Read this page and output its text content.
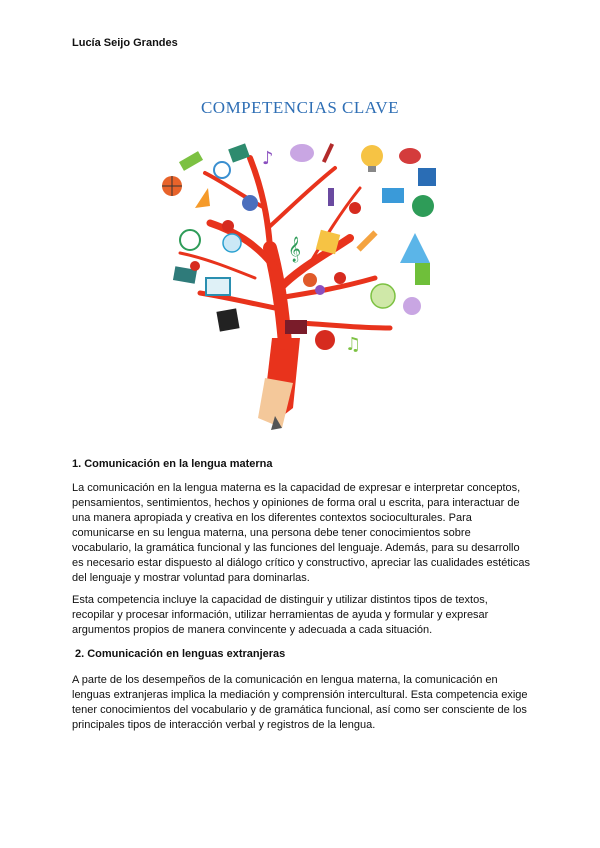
Lucía Seijo Grandes
COMPETENCIAS CLAVE
♪
𝄞
♫
1. Comunicación en la lengua materna

La comunicación en la lengua materna es la capacidad de expresar e interpretar conceptos, pensamientos, sentimientos, hechos y opiniones de forma oral u escrita, para interactuar de una manera apropiada y creativa en los diferentes contextos socioculturales. Para comunicarse en su lengua materna, una persona debe tener conocimientos sobre vocabulario, la gramática funcional y las funciones del lenguaje. Además, para su desarrollo es necesario estar dispuesto al diálogo crítico y constructivo, apreciar las cualidades estéticas del lenguaje y mostrar voluntad para dominarlas.

Esta competencia incluye la capacidad de distinguir y utilizar distintos tipos de textos, recopilar y procesar información, utilizar herramientas de ayuda y formular y expresar argumentos propios de manera convincente y adecuada a cada situación.

2. Comunicación en lenguas extranjeras

A parte de los desempeños de la comunicación en lengua materna, la comunicación en lenguas extranjeras implica la mediación y comprensión intercultural. Esta competencia exige tener conocimientos del vocabulario y de gramática funcional, así como ser consciente de los principales tipos de interacción verbal y registros de la lengua.
